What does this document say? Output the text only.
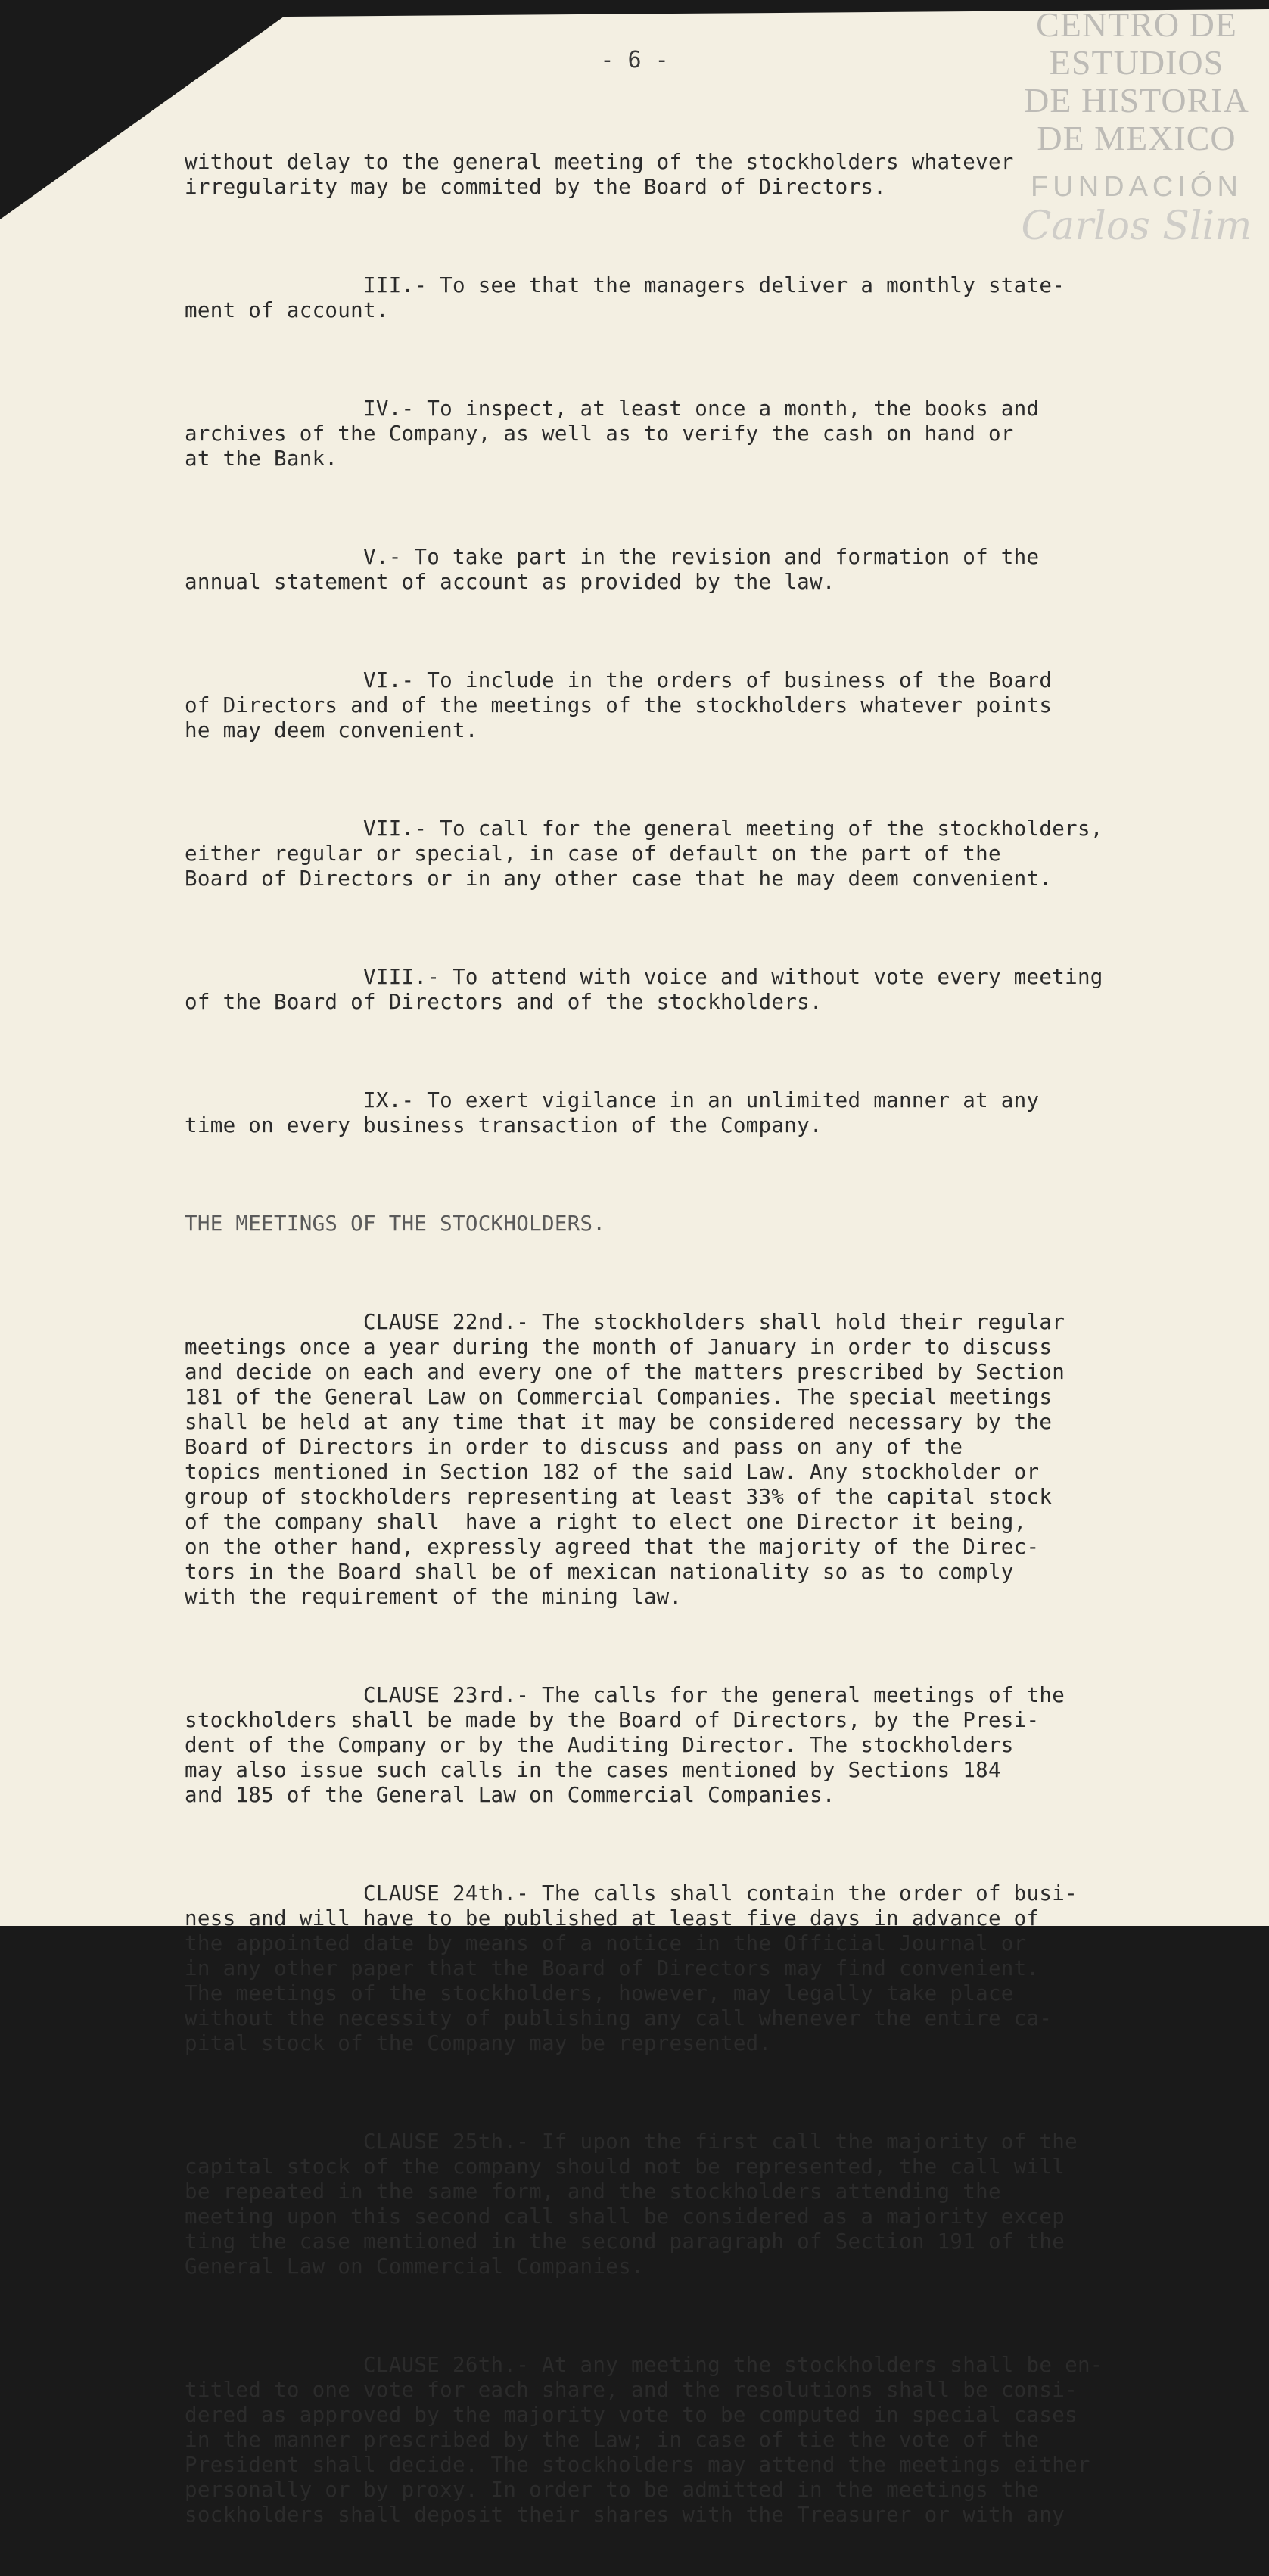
CENTRO DE
ESTUDIOS
DE HISTORIA
DE MEXICO
FUNDACIÓN
Carlos Slim
- 6 -

without delay to the general meeting of the stockholders whatever
irregularity may be commited by the Board of Directors.

III.- To see that the managers deliver a monthly state-
ment of account.

IV.- To inspect, at least once a month, the books and
archives of the Company, as well as to verify the cash on hand or
at the Bank.

V.- To take part in the revision and formation of the
annual statement of account as provided by the law.

VI.- To include in the orders of business of the Board
of Directors and of the meetings of the stockholders whatever points
he may deem convenient.

VII.- To call for the general meeting of the stockholders,
either regular or special, in case of default on the part of the
Board of Directors or in any other case that he may deem convenient.

VIII.- To attend with voice and without vote every meeting
of the Board of Directors and of the stockholders.

IX.- To exert vigilance in an unlimited manner at any
time on every business transaction of the Company.

THE MEETINGS OF THE STOCKHOLDERS.

CLAUSE 22nd.- The stockholders shall hold their regular
meetings once a year during the month of January in order to discuss
and decide on each and every one of the matters prescribed by Section
181 of the General Law on Commercial Companies. The special meetings
shall be held at any time that it may be considered necessary by the
Board of Directors in order to discuss and pass on any of the
topics mentioned in Section 182 of the said Law. Any stockholder or
group of stockholders representing at least 33% of the capital stock
of the company shall  have a right to elect one Director it being,
on the other hand, expressly agreed that the majority of the Direc-
tors in the Board shall be of mexican nationality so as to comply
with the requirement of the mining law.

CLAUSE 23rd.- The calls for the general meetings of the
stockholders shall be made by the Board of Directors, by the Presi-
dent of the Company or by the Auditing Director. The stockholders
may also issue such calls in the cases mentioned by Sections 184
and 185 of the General Law on Commercial Companies.

CLAUSE 24th.- The calls shall contain the order of busi-
ness and will have to be published at least five days in advance of
the appointed date by means of a notice in the Official Journal or
in any other paper that the Board of Directors may find convenient.
The meetings of the stockholders, however, may legally take place
without the necessity of publishing any call whenever the entire ca-
pital stock of the Company may be represented.

CLAUSE 25th.- If upon the first call the majority of the
capital stock of the company should not be represented, the call will
be repeated in the same form, and the stockholders attending the
meeting upon this second call shall be considered as a majority excep
ting the case mentioned in the second paragraph of Section 191 of the
General Law on Commercial Companies.

CLAUSE 26th.- At any meeting the stockholders shall be en-
titled to one vote for each share, and the resolutions shall be consi-
dered as approved by the majority vote to be computed in special cases
in the manner prescribed by the Law; in case of tie the vote of the
President shall decide. The stockholders may attend the meetings either
personally or by proxy. In order to be admitted in the meetings the
sockholders shall deposit their shares with the Treasurer or with any
